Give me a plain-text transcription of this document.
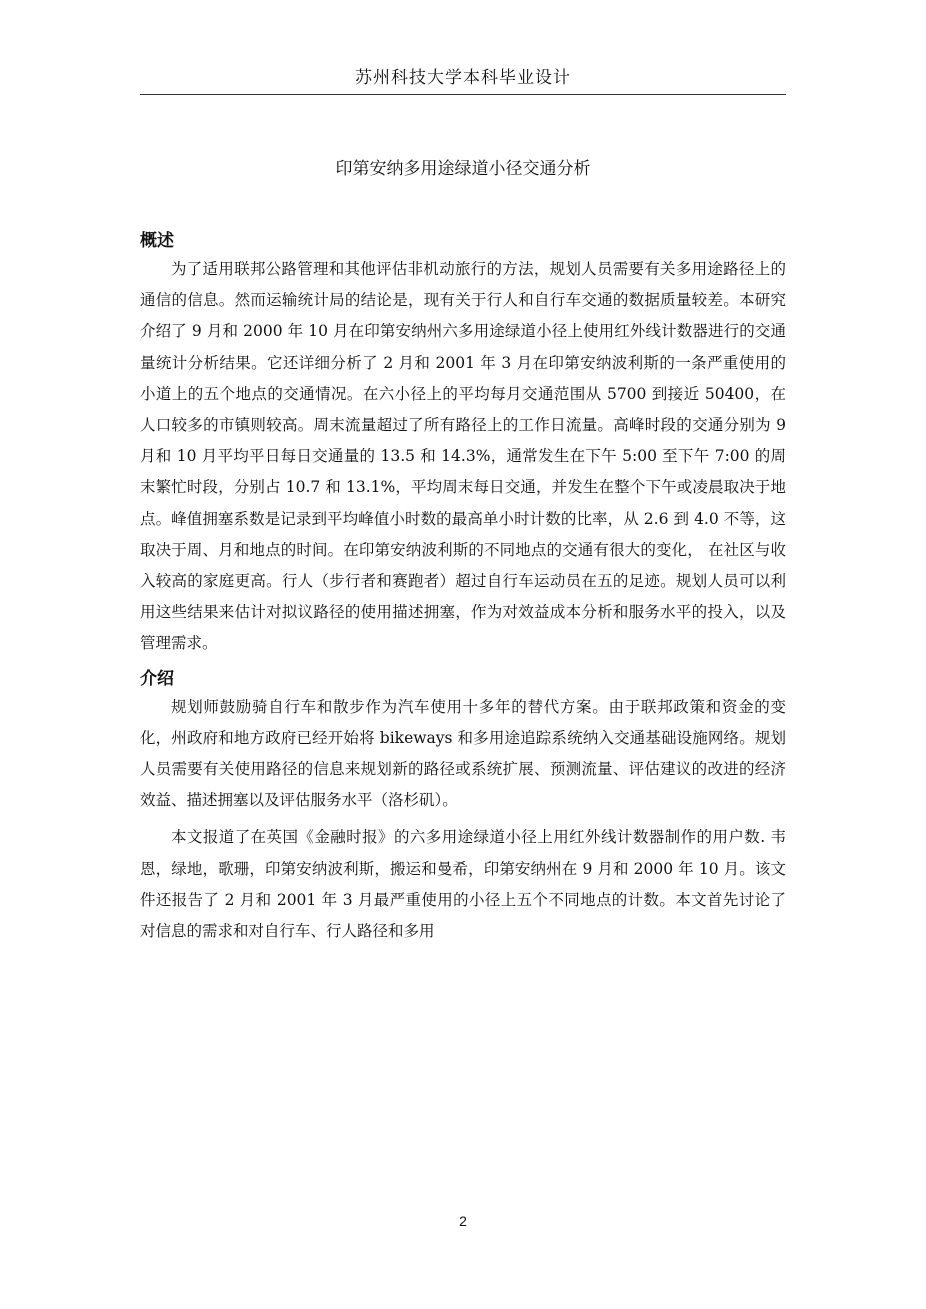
苏州科技大学本科毕业设计
印第安纳多用途绿道小径交通分析
概述

为了适用联邦公路管理和其他评估非机动旅行的方法，规划人员需要有关多用途路径上的通信的信息。然而运输统计局的结论是，现有关于行人和自行车交通的数据质量较差。本研究介绍了 9 月和 2000 年 10 月在印第安纳州六多用途绿道小径上使用红外线计数器进行的交通量统计分析结果。它还详细分析了 2 月和 2001 年 3 月在印第安纳波利斯的一条严重使用的小道上的五个地点的交通情况。在六小径上的平均每月交通范围从 5700 到接近 50400，在人口较多的市镇则较高。周末流量超过了所有路径上的工作日流量。高峰时段的交通分别为 9 月和 10 月平均平日每日交通量的 13.5 和 14.3%，通常发生在下午 5:00 至下午 7:00 的周末繁忙时段，分别占 10.7 和 13.1%，平均周末每日交通，并发生在整个下午或凌晨取决于地点。峰值拥塞系数是记录到平均峰值小时数的最高单小时计数的比率，从 2.6 到 4.0 不等，这取决于周、月和地点的时间。在印第安纳波利斯的不同地点的交通有很大的变化， 在社区与收入较高的家庭更高。行人（步行者和赛跑者）超过自行车运动员在五的足迹。规划人员可以利用这些结果来估计对拟议路径的使用描述拥塞，作为对效益成本分析和服务水平的投入，以及管理需求。

介绍

规划师鼓励骑自行车和散步作为汽车使用十多年的替代方案。由于联邦政策和资金的变化，州政府和地方政府已经开始将 bikeways 和多用途追踪系统纳入交通基础设施网络。规划人员需要有关使用路径的信息来规划新的路径或系统扩展、预测流量、评估建议的改进的经济效益、描述拥塞以及评估服务水平（洛杉矶）。

本文报道了在英国《金融时报》的六多用途绿道小径上用红外线计数器制作的用户数. 韦恩，绿地，歌珊，印第安纳波利斯，搬运和曼希，印第安纳州在 9 月和 2000 年 10 月。该文件还报告了 2 月和 2001 年 3 月最严重使用的小径上五个不同地点的计数。本文首先讨论了对信息的需求和对自行车、行人路径和多用

2
